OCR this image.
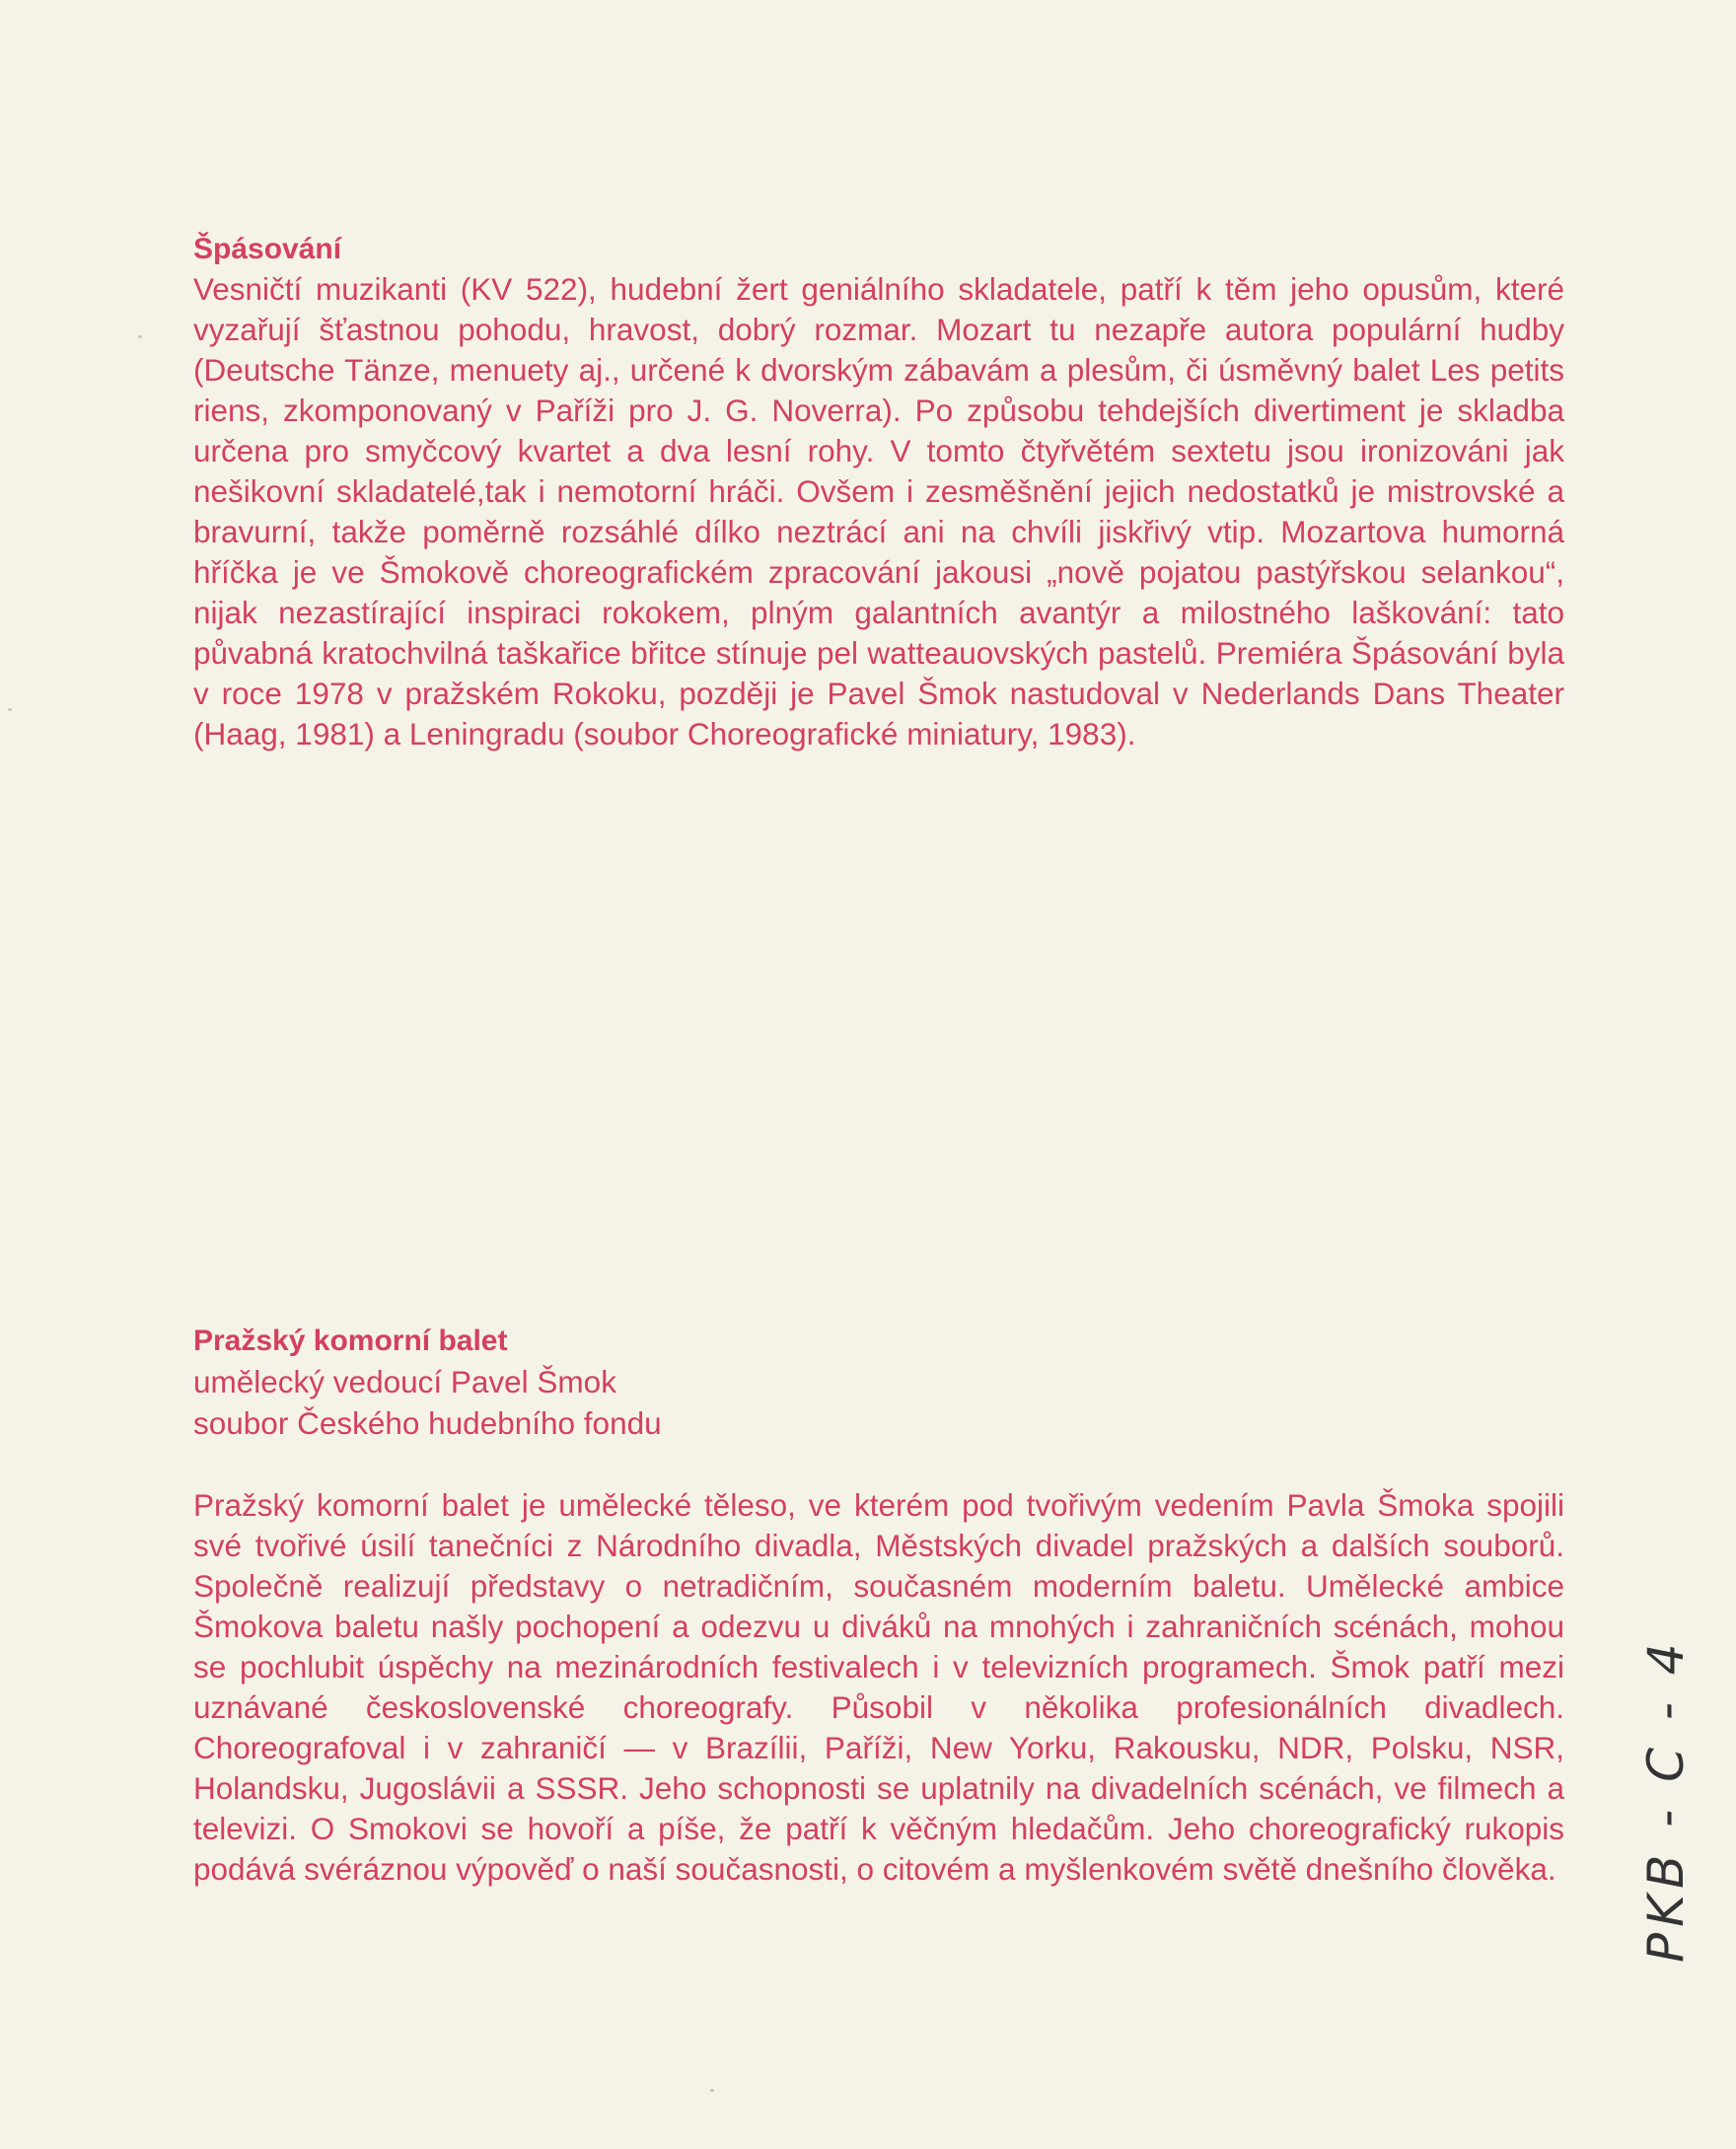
Špásování

Vesničtí muzikanti (KV 522), hudební žert geniálního skladatele, patří k těm jeho opusům, které vyzařují šťastnou pohodu, hravost, dobrý rozmar. Mozart tu nezapře autora populární hudby (Deutsche Tänze, menuety aj., určené k dvorským zábavám a plesům, či úsměvný balet Les petits riens, zkomponovaný v Paříži pro J. G. Noverra). Po způsobu tehdejších divertiment je skladba určena pro smyčcový kvartet a dva lesní rohy. V tomto čtyřvětém sextetu jsou ironizováni jak nešikovní skladatelé,tak i nemotorní hráči. Ovšem i zesměšnění jejich nedostatků je mistrovské a bravurní, takže poměrně rozsáhlé dílko neztrácí ani na chvíli jiskřivý vtip. Mozartova humorná hříčka je ve Šmokově choreografickém zpracování jakousi „nově pojatou pastýřskou selankou“, nijak nezastírající inspiraci rokokem, plným galantních avantýr a milostného laškování: tato půvabná kratochvilná taškařice břitce stínuje pel watteauovských pastelů. Premiéra Špásování byla v roce 1978 v pražském Rokoku, později je Pavel Šmok nastudoval v Nederlands Dans Theater (Haag, 1981) a Leningradu (soubor Choreografické miniatury, 1983).

Pražský komorní balet

umělecký vedoucí Pavel Šmok

soubor Českého hudebního fondu

Pražský komorní balet je umělecké těleso, ve kterém pod tvořivým vedením Pavla Šmoka spojili své tvořivé úsilí tanečníci z Národního divadla, Městských divadel pražských a dalších souborů. Společně realizují představy o netradičním, současném moderním baletu. Umělecké ambice Šmokova baletu našly pochopení a odezvu u diváků na mnohých i zahraničních scénách, mohou se pochlubit úspěchy na mezinárodních festivalech i v televizních programech. Šmok patří mezi uznávané československé choreografy. Působil v několika profesionálních divadlech. Choreografoval i v zahraničí — v Brazílii, Paříži, New Yorku, Rakousku, NDR, Polsku, NSR, Holandsku, Jugoslávii a SSSR. Jeho schopnosti se uplatnily na divadelních scénách, ve filmech a televizi. O Smokovi se hovoří a píše, že patří k věčným hledačům. Jeho choreografický rukopis podává svéráznou výpověď o naší současnosti, o citovém a myšlenkovém světě dnešního člověka. PKB - C - 4
